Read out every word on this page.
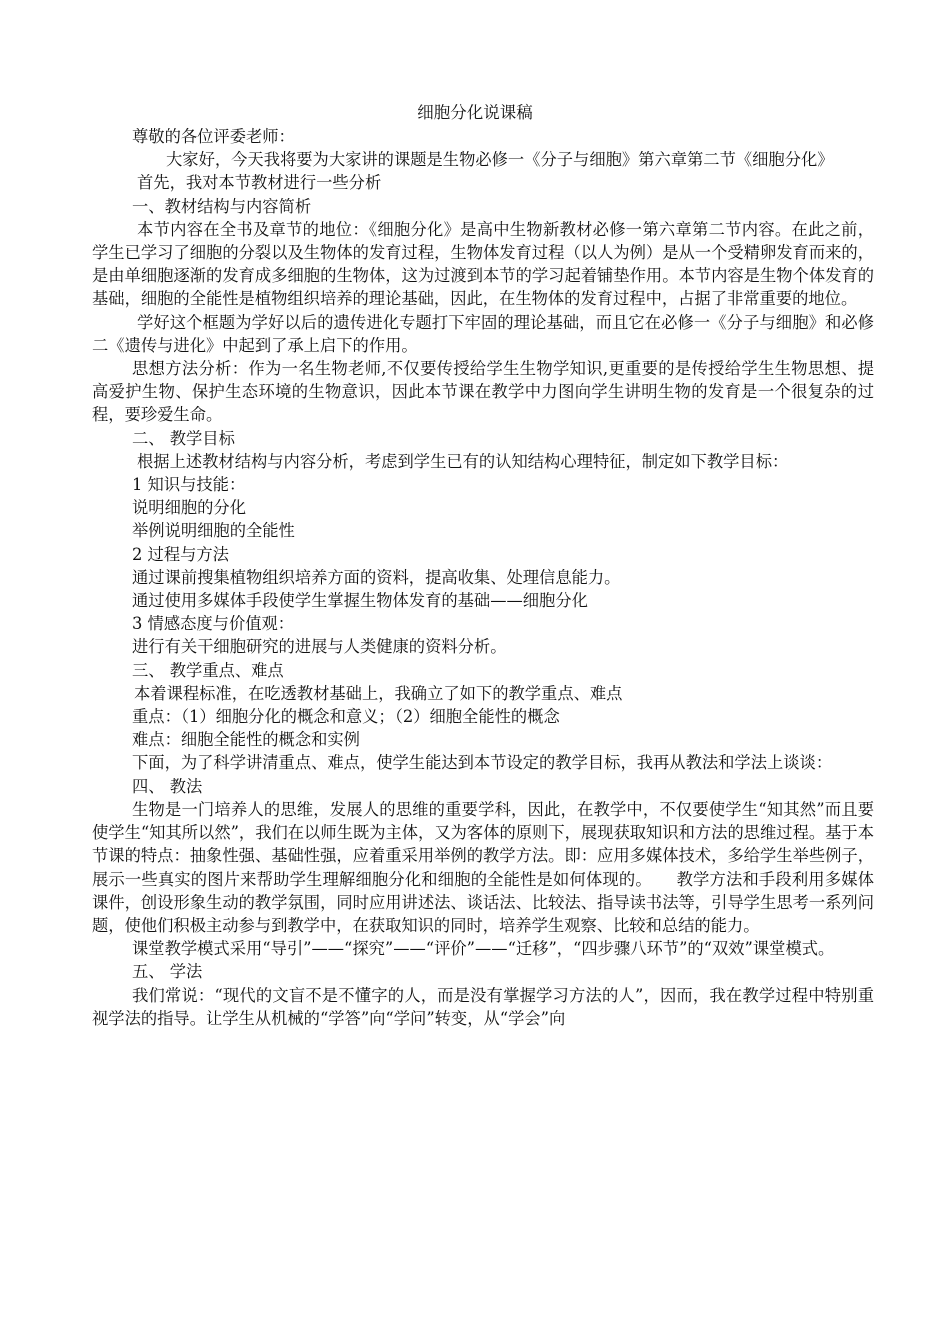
细胞分化说课稿

尊敬的各位评委老师：

大家好，今天我将要为大家讲的课题是生物必修一《分子与细胞》第六章第二节《细胞分化》

首先，我对本节教材进行一些分析

一、教材结构与内容简析

本节内容在全书及章节的地位：《细胞分化》是高中生物新教材必修一第六章第二节内容。在此之前，学生已学习了细胞的分裂以及生物体的发育过程，生物体发育过程（以人为例）是从一个受精卵发育而来的，是由单细胞逐渐的发育成多细胞的生物体，这为过渡到本节的学习起着铺垫作用。本节内容是生物个体发育的基础，细胞的全能性是植物组织培养的理论基础，因此，在生物体的发育过程中，占据了非常重要的地位。

学好这个框题为学好以后的遗传进化专题打下牢固的理论基础，而且它在必修一《分子与细胞》和必修二《遗传与进化》中起到了承上启下的作用。

思想方法分析：作为一名生物老师,不仅要传授给学生生物学知识,更重要的是传授给学生生物思想、提高爱护生物、保护生态环境的生物意识，因此本节课在教学中力图向学生讲明生物的发育是一个很复杂的过程，要珍爱生命。

二、 教学目标

根据上述教材结构与内容分析，考虑到学生已有的认知结构心理特征，制定如下教学目标：

1 知识与技能：

说明细胞的分化

举例说明细胞的全能性

2 过程与方法

通过课前搜集植物组织培养方面的资料，提高收集、处理信息能力。

通过使用多媒体手段使学生掌握生物体发育的基础——细胞分化

3 情感态度与价值观：

进行有关干细胞研究的进展与人类健康的资料分析。

三、 教学重点、难点

本着课程标准，在吃透教材基础上，我确立了如下的教学重点、难点

重点：（1）细胞分化的概念和意义；（2）细胞全能性的概念

难点：细胞全能性的概念和实例

下面，为了科学讲清重点、难点，使学生能达到本节设定的教学目标，我再从教法和学法上谈谈：

四、 教法

生物是一门培养人的思维，发展人的思维的重要学科，因此，在教学中，不仅要使学生“知其然”而且要使学生“知其所以然”，我们在以师生既为主体，又为客体的原则下，展现获取知识和方法的思维过程。基于本节课的特点：抽象性强、基础性强，应着重采用举例的教学方法。即：应用多媒体技术，多给学生举些例子，展示一些真实的图片来帮助学生理解细胞分化和细胞的全能性是如何体现的。　　教学方法和手段利用多媒体课件，创设形象生动的教学氛围，同时应用讲述法、谈话法、比较法、指导读书法等，引导学生思考一系列问题，使他们积极主动参与到教学中，在获取知识的同时，培养学生观察、比较和总结的能力。

课堂教学模式采用“导引”——“探究”——“评价”——“迁移”，“四步骤八环节”的“双效”课堂模式。

五、 学法

我们常说：“现代的文盲不是不懂字的人，而是没有掌握学习方法的人”，因而，我在教学过程中特别重视学法的指导。让学生从机械的“学答”向“学问”转变，从“学会”向
